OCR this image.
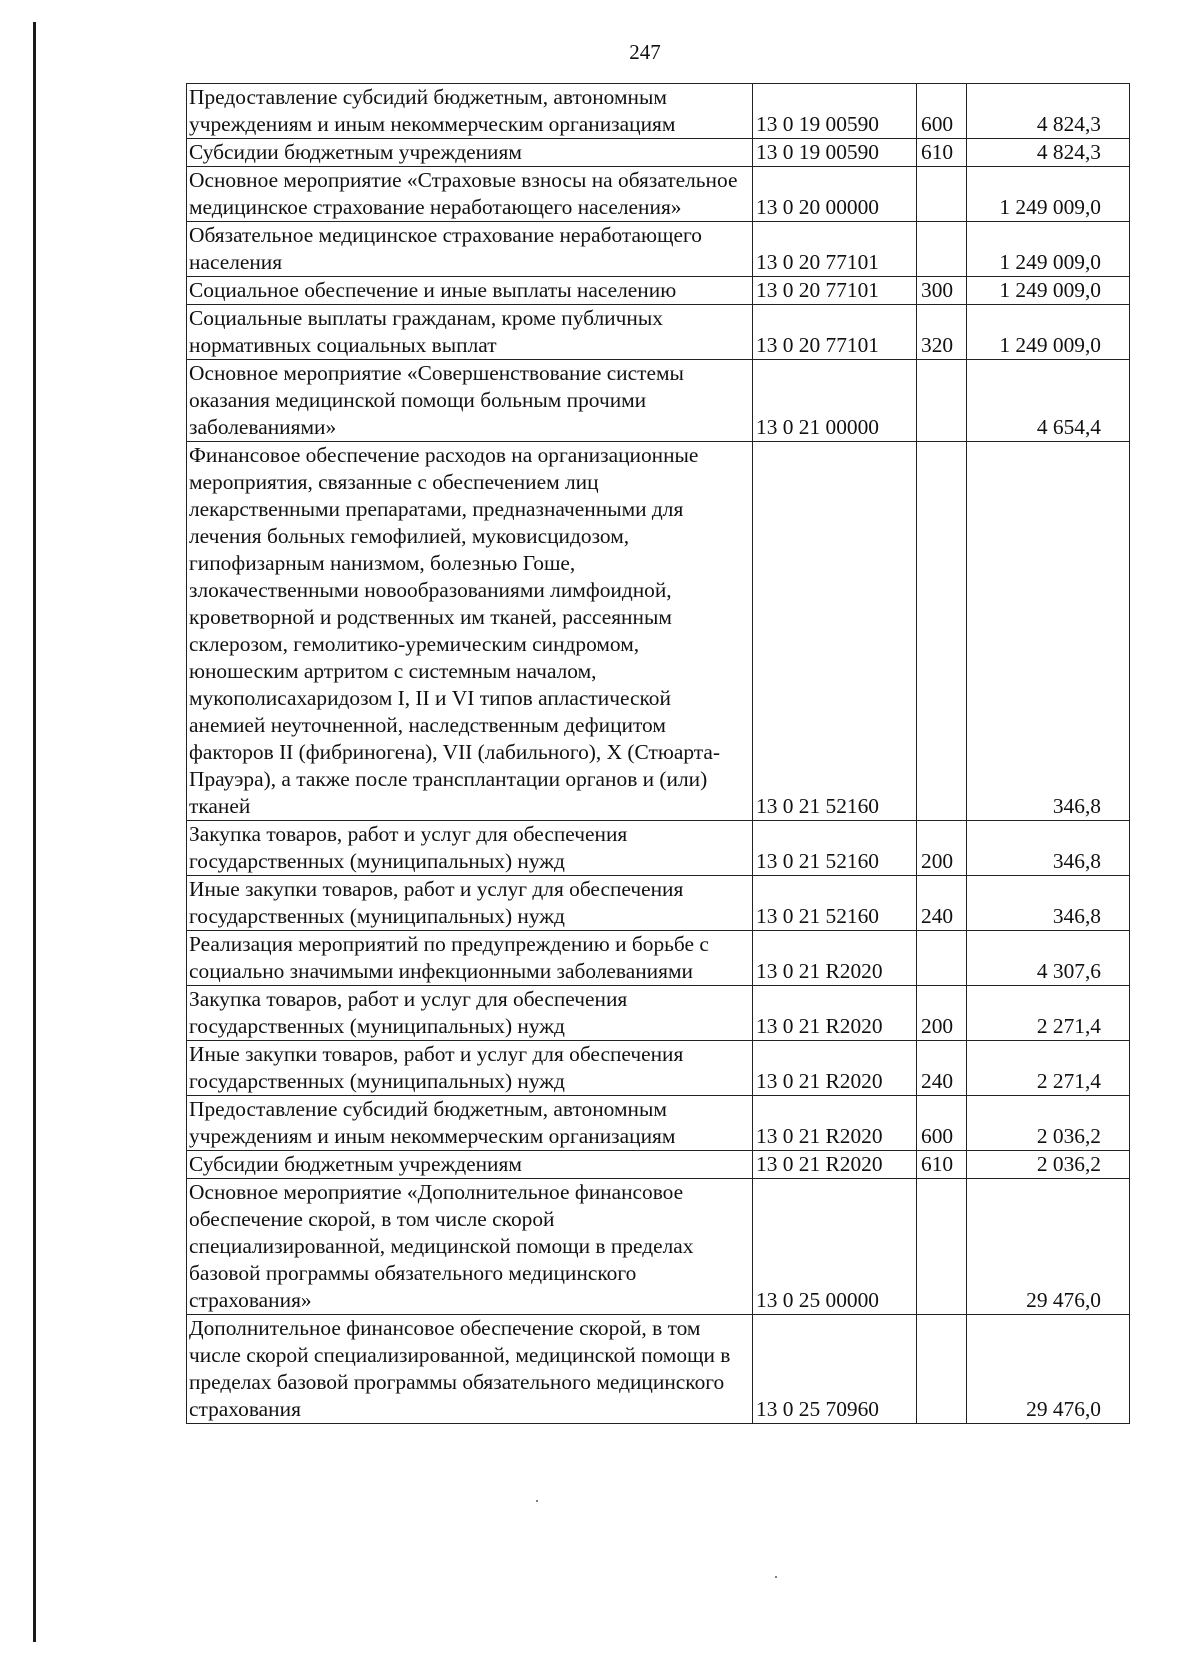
247
Предоставление субсидий бюджетным, автономным учреждениям и иным некоммерческим организациям	13 0 19 00590	600	4 824,3
Субсидии бюджетным учреждениям	13 0 19 00590	610	4 824,3
Основное мероприятие «Страховые взносы на обязательное медицинское страхование неработающего населения»	13 0 20 00000		1 249 009,0
Обязательное медицинское страхование неработающего населения	13 0 20 77101		1 249 009,0
Социальное обеспечение и иные выплаты населению	13 0 20 77101	300	1 249 009,0
Социальные выплаты гражданам, кроме публичных нормативных социальных выплат	13 0 20 77101	320	1 249 009,0
Основное мероприятие «Совершенствование системы оказания медицинской помощи больным прочими заболеваниями»	13 0 21 00000		4 654,4
Финансовое обеспечение расходов на организационные мероприятия, связанные с обеспечением лиц лекарственными препаратами, предназначенными для лечения больных гемофилией, муковисцидозом, гипофизарным нанизмом, болезнью Гоше, злокачественными новообразованиями лимфоидной, кроветворной и родственных им тканей, рассеянным склерозом, гемолитико-уремическим синдромом, юношеским артритом с системным началом, мукополисахаридозом I, II и VI типов апластической анемией неуточненной, наследственным дефицитом факторов II (фибриногена), VII (лабильного), X (Стюарта-Прауэра), а также после трансплантации органов и (или) тканей	13 0 21 52160		346,8
Закупка товаров, работ и услуг для обеспечения государственных (муниципальных) нужд	13 0 21 52160	200	346,8
Иные закупки товаров, работ и услуг для обеспечения государственных (муниципальных) нужд	13 0 21 52160	240	346,8
Реализация мероприятий по предупреждению и борьбе с социально значимыми инфекционными заболеваниями	13 0 21 R2020		4 307,6
Закупка товаров, работ и услуг для обеспечения государственных (муниципальных) нужд	13 0 21 R2020	200	2 271,4
Иные закупки товаров, работ и услуг для обеспечения государственных (муниципальных) нужд	13 0 21 R2020	240	2 271,4
Предоставление субсидий бюджетным, автономным учреждениям и иным некоммерческим организациям	13 0 21 R2020	600	2 036,2
Субсидии бюджетным учреждениям	13 0 21 R2020	610	2 036,2
Основное мероприятие «Дополнительное финансовое обеспечение скорой, в том числе скорой специализированной, медицинской помощи в пределах базовой программы обязательного медицинского страхования»	13 0 25 00000		29 476,0
Дополнительное финансовое обеспечение скорой, в том числе скорой специализированной, медицинской помощи в пределах базовой программы обязательного медицинского страхования	13 0 25 70960		29 476,0
